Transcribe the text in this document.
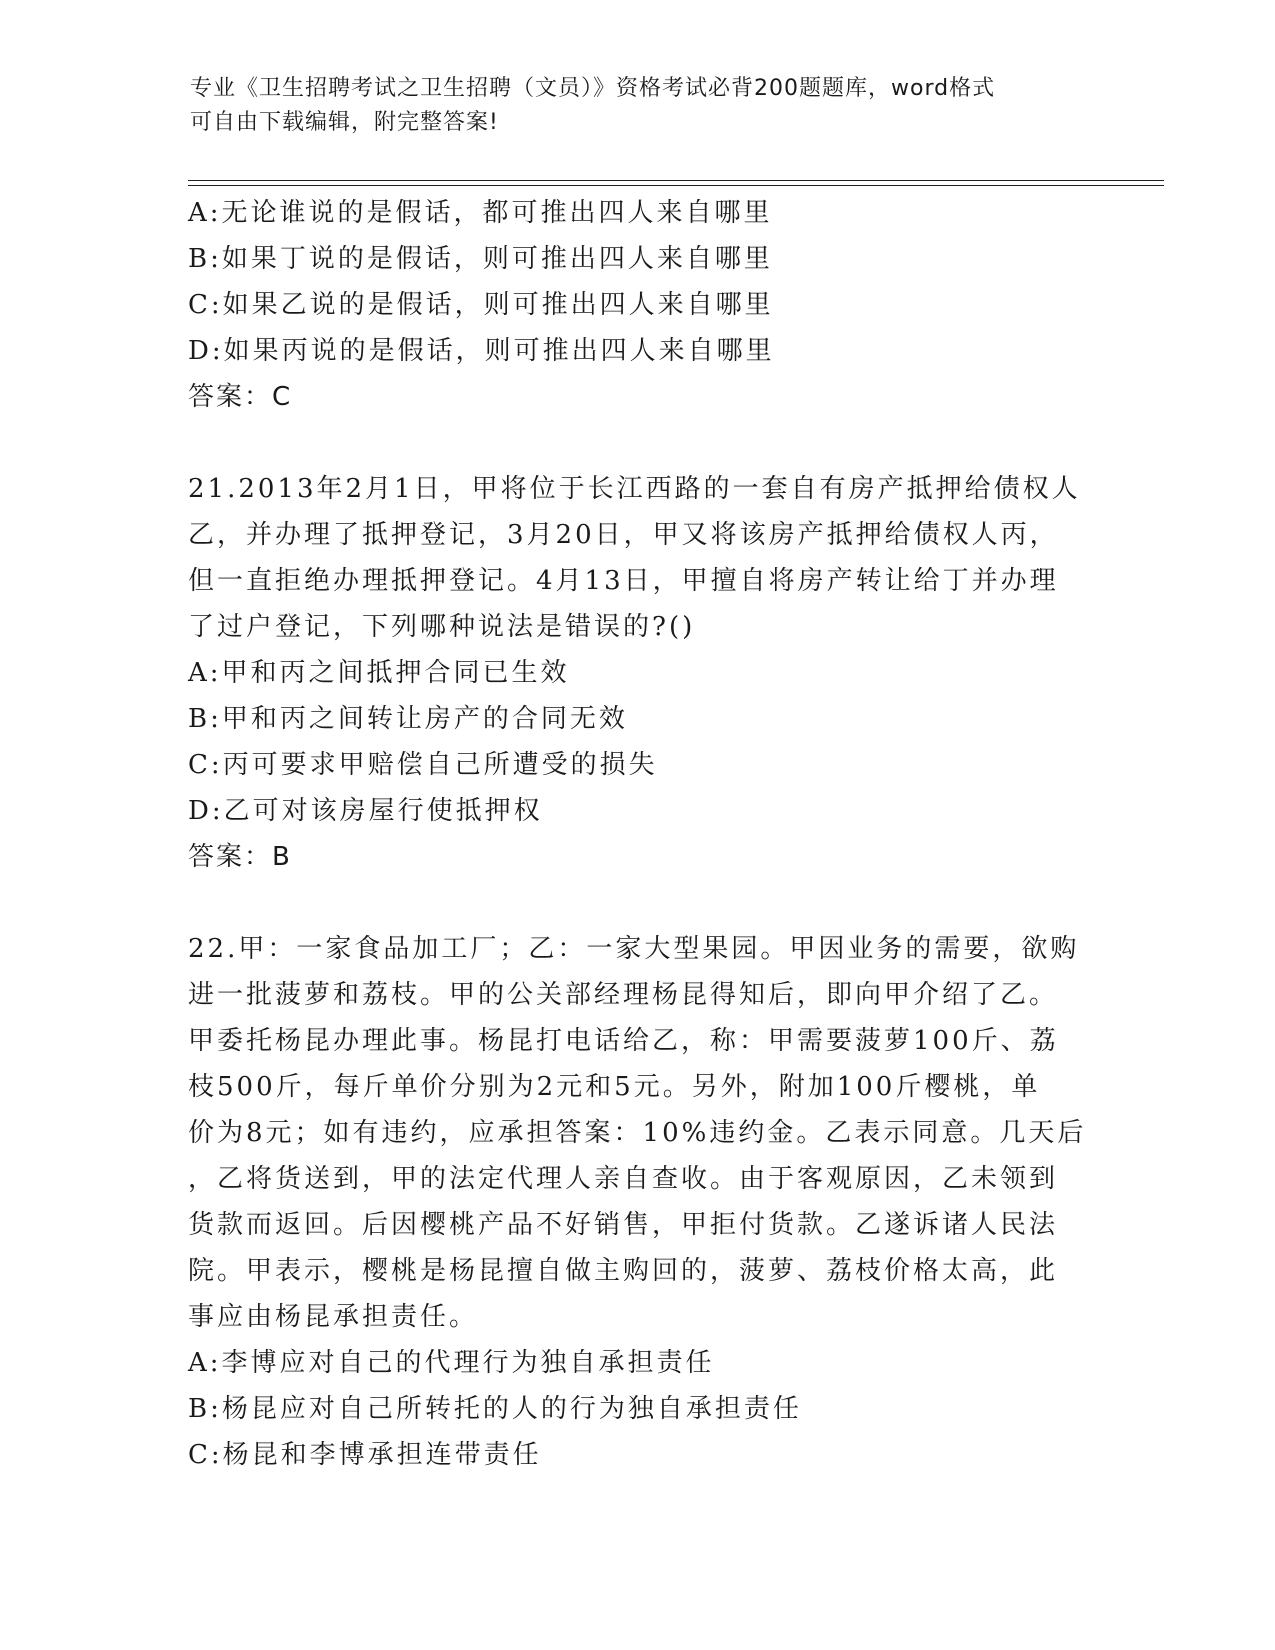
专业《卫生招聘考试之卫生招聘（文员）》资格考试必背200题题库，word格式
可自由下载编辑，附完整答案!
A:无论谁说的是假话，都可推出四人来自哪里
B:如果丁说的是假话，则可推出四人来自哪里
C:如果乙说的是假话，则可推出四人来自哪里
D:如果丙说的是假话，则可推出四人来自哪里
答案：C
21.2013年2月1日，甲将位于长江西路的一套自有房产抵押给债权人
乙，并办理了抵押登记，3月20日，甲又将该房产抵押给债权人丙，
但一直拒绝办理抵押登记。4月13日，甲擅自将房产转让给丁并办理
了过户登记，下列哪种说法是错误的?()
A:甲和丙之间抵押合同已生效
B:甲和丙之间转让房产的合同无效
C:丙可要求甲赔偿自己所遭受的损失
D:乙可对该房屋行使抵押权
答案：B
22.甲：一家食品加工厂；乙：一家大型果园。甲因业务的需要，欲购
进一批菠萝和荔枝。甲的公关部经理杨昆得知后，即向甲介绍了乙。
甲委托杨昆办理此事。杨昆打电话给乙，称：甲需要菠萝100斤、荔
枝500斤，每斤单价分别为2元和5元。另外，附加100斤樱桃，单
价为8元；如有违约，应承担答案：10%违约金。乙表示同意。几天后
，乙将货送到，甲的法定代理人亲自查收。由于客观原因，乙未领到
货款而返回。后因樱桃产品不好销售，甲拒付货款。乙遂诉诸人民法
院。甲表示，樱桃是杨昆擅自做主购回的，菠萝、荔枝价格太高，此
事应由杨昆承担责任。
A:李博应对自己的代理行为独自承担责任
B:杨昆应对自己所转托的人的行为独自承担责任
C:杨昆和李博承担连带责任
